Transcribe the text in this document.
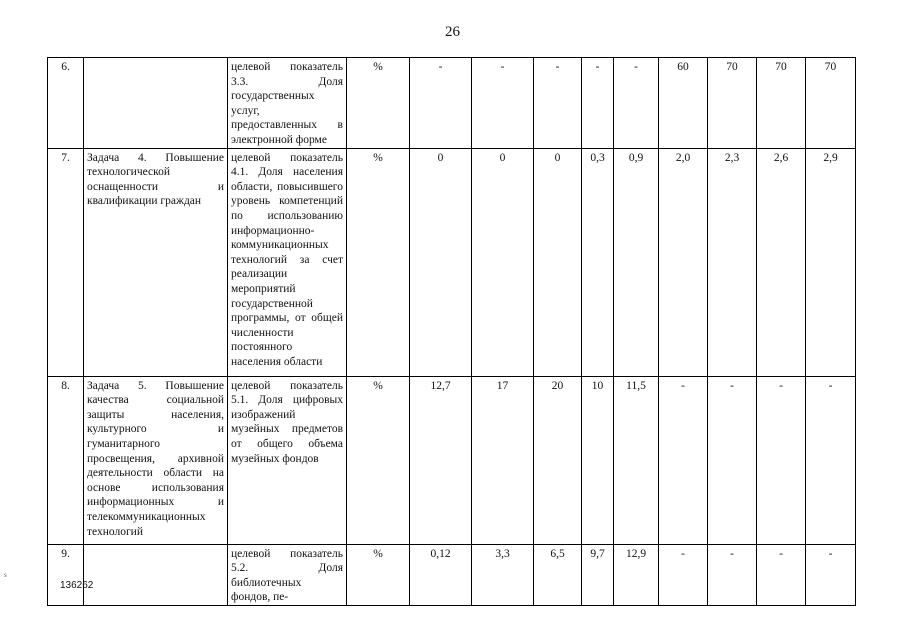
26
6.		целевой показатель 3.3. Доля государственных услуг, предоставленных в электронной форме	%	-	-	-	-	-	60	70	70	70
7.	Задача 4. Повышение технологической оснащенности и квалификации граждан	целевой показатель 4.1. Доля населения области, повысившего уровень компетенций по использованию информационно-коммуникационных технологий за счет реализации мероприятий государственной программы, от общей численности постоянного населения области	%	0	0	0	0,3	0,9	2,0	2,3	2,6	2,9
8.	Задача 5. Повышение качества социальной защиты населения, культурного и гуманитарного просвещения, архивной деятельности области на основе использования информационных и телекоммуникационных технологий	целевой показатель 5.1. Доля цифровых изображений музейных предметов от общего объема музейных фондов	%	12,7	17	20	10	11,5	-	-	-	-
9.		целевой показатель 5.2. Доля библиотечных фондов, пе-	%	0,12	3,3	6,5	9,7	12,9	-	-	-	-
s
136262
